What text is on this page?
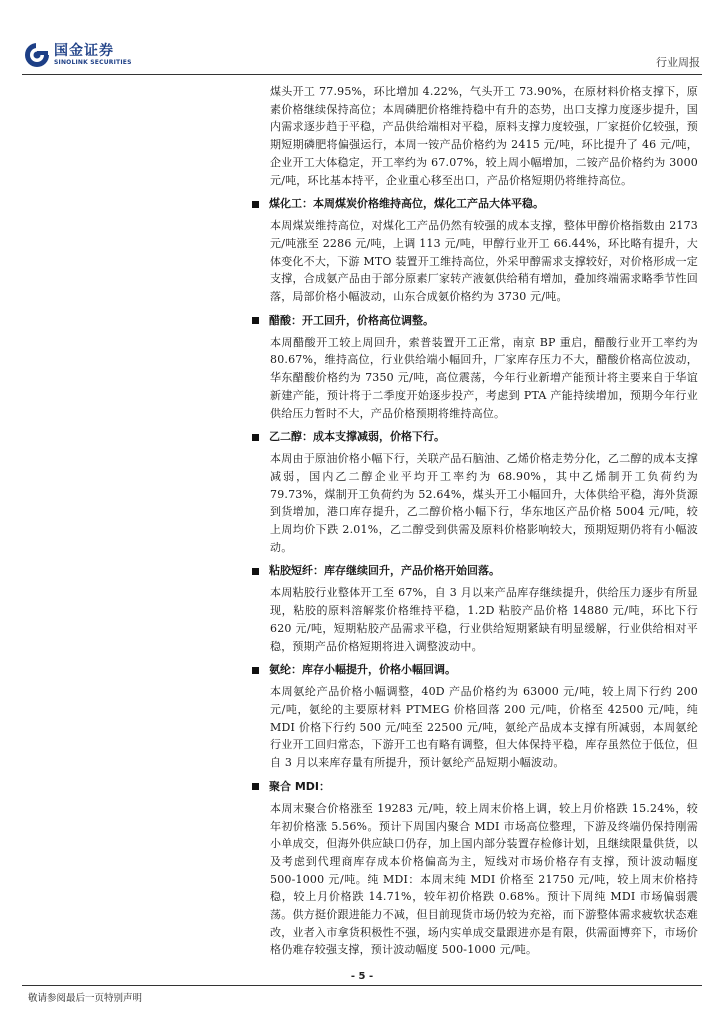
国金证券
SINOLINK SECURITIES	行业周报

煤头开工 77.95%，环比增加 4.22%，气头开工 73.90%，在原材料价格支撑下，原素价格继续保持高位；本周磷肥价格维持稳中有升的态势，出口支撑力度逐步提升，国内需求逐步趋于平稳，产品供给端相对平稳，原料支撑力度较强，厂家挺价亿较强，预期短期磷肥将偏强运行，本周一铵产品价格约为 2415 元/吨，环比提升了 46 元/吨，企业开工大体稳定，开工率约为 67.07%，较上周小幅增加，二铵产品价格约为 3000 元/吨，环比基本持平，企业重心移至出口，产品价格短期仍将维持高位。

煤化工：本周煤炭价格维持高位，煤化工产品大体平稳。

本周煤炭维持高位，对煤化工产品仍然有较强的成本支撑，整体甲醇价格指数由 2173 元/吨涨至 2286 元/吨，上调 113 元/吨，甲醇行业开工 66.44%，环比略有提升，大体变化不大，下游 MTO 装置开工维持高位，外采甲醇需求支撑较好，对价格形成一定支撑，合成氨产品由于部分原素厂家转产液氨供给稍有增加，叠加终端需求略季节性回落，局部价格小幅波动，山东合成氨价格约为 3730 元/吨。

醋酸：开工回升，价格高位调整。

本周醋酸开工较上周回升，索普装置开工正常，南京 BP 重启，醋酸行业开工率约为 80.67%，维持高位，行业供给端小幅回升，厂家库存压力不大，醋酸价格高位波动，华东醋酸价格约为 7350 元/吨，高位震荡，今年行业新增产能预计将主要来自于华谊新建产能，预计将于二季度开始逐步投产，考虑到 PTA 产能持续增加，预期今年行业供给压力暂时不大，产品价格预期将维持高位。

乙二醇：成本支撑减弱，价格下行。

本周由于原油价格小幅下行，关联产品石脑油、乙烯价格走势分化，乙二醇的成本支撑减弱，国内乙二醇企业平均开工率约为 68.90%，其中乙烯制开工负荷约为 79.73%，煤制开工负荷约为 52.64%，煤头开工小幅回升，大体供给平稳，海外货源到货增加，港口库存提升，乙二醇价格小幅下行，华东地区产品价格 5004 元/吨，较上周均价下跌 2.01%，乙二醇受到供需及原料价格影响较大，预期短期仍将有小幅波动。

粘胶短纤：库存继续回升，产品价格开始回落。

本周粘胶行业整体开工至 67%，自 3 月以来产品库存继续提升，供给压力逐步有所显现，粘胶的原料溶解浆价格维持平稳，1.2D 粘胶产品价格 14880 元/吨，环比下行 620 元/吨，短期粘胶产品需求平稳，行业供给短期紧缺有明显缓解，行业供给相对平稳，预期产品价格短期将进入调整波动中。

氨纶：库存小幅提升，价格小幅回调。

本周氨纶产品价格小幅调整，40D 产品价格约为 63000 元/吨，较上周下行约 200 元/吨，氨纶的主要原材料 PTMEG 价格回落 200 元/吨，价格至 42500 元/吨，纯 MDI 价格下行约 500 元/吨至 22500 元/吨，氨纶产品成本支撑有所减弱，本周氨纶行业开工回归常态，下游开工也有略有调整，但大体保持平稳，库存虽然位于低位，但自 3 月以来库存量有所提升，预计氨纶产品短期小幅波动。

聚合 MDI：

本周末聚合价格涨至 19283 元/吨，较上周末价格上调，较上月价格跌 15.24%，较年初价格涨 5.56%。预计下周国内聚合 MDI 市场高位整理，下游及终端仍保持刚需小单成交，但海外供应缺口仍存，加上国内部分装置存检修计划，且继续限量供货，以及考虑到代理商库存成本价格偏高为主，短线对市场价格存有支撑，预计波动幅度 500-1000 元/吨。纯 MDI：本周末纯 MDI 价格至 21750 元/吨，较上周末价格持稳，较上月价格跌 14.71%，较年初价格跌 0.68%。预计下周纯 MDI 市场偏弱震荡。供方挺价跟进能力不减，但目前现货市场仍较为充裕，而下游整体需求疲软状态难改，业者入市拿货积极性不强，场内实单成交量跟进亦是有限，供需面博弈下，市场价格仍难存较强支撑，预计波动幅度 500-1000 元/吨。

- 5 -
敬请参阅最后一页特别声明
